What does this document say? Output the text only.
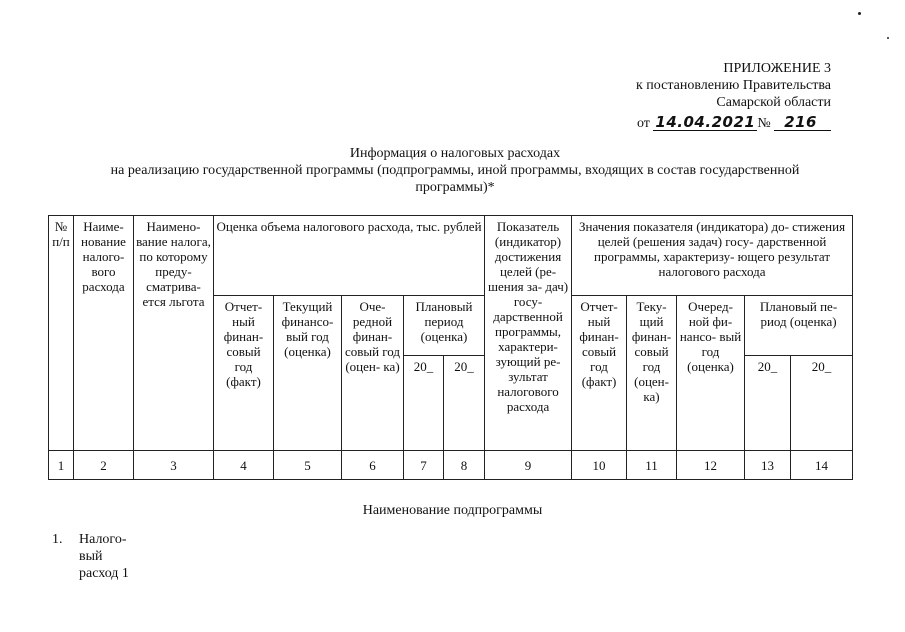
ПРИЛОЖЕНИЕ 3
к постановлению Правительства
Самарской области
от 14.04.2021 № 216
Информация о налоговых расходах
на реализацию государственной программы (подпрограммы, иной программы, входящих в состав государственной
программы)*
№ п/п	Наиме- нование налого- вого расхода	Наимено- вание налога, по которому преду- сматрива- ется льгота	Оценка объема налогового расхода, тыс. рублей					Показатель (индикатор) достижения целей (ре- шения за- дач) госу- дарственной программы, характери- зующий ре- зультат налогового расхода	Значения показателя (индикатора) до- стижения целей (решения задач) госу- дарственной программы, характеризу- ющего результат налогового расхода				
			Отчет- ный финан- совый год (факт)	Текущий финансо- вый год (оценка)	Оче- редной финан- совый год (оцен- ка)	Плановый период (оценка)			Отчет- ный финан- совый год (факт)	Теку- щий финан- совый год (оцен- ка)	Очеред- ной фи- нансо- вый год (оценка)	Плановый пе- риод (оценка)	
						20_	20_					20_	20_
1	2	3	4	5	6	7	8	9	10	11	12	13	14
Наименование подпрограммы
1. Налого-
вый
расход 1
